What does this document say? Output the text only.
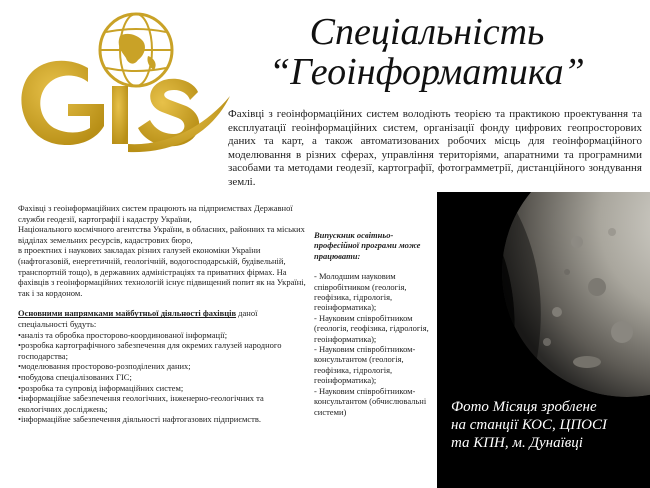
Спеціальність
“Геоінформатика”
Фахівці з геоінформаційних систем володіють теорією та практикою проектування та експлуатації геоінформаційних систем, організації фонду цифрових геопросторових даних та карт, а також автоматизованих робочих місць для геоінформаційного моделювання в різних сферах, управління територіями, апаратними та програмними засобами та методами геодезії, картографії, фотограмметрії, дистанційного зондування землі.

Фахівці з геоінформаційних систем працюють на підприємствах Державної служби геодезії, картографії і кадастру України,

Національного космічного агентства України, в обласних, районних та міських відділах земельних ресурсів, кадастрових бюро,

в проектних і наукових закладах різних галузей економіки України (нафтогазовій, енергетичній, геологічній, водогосподарській, будівельній, транспортній тощо), в державних адміністраціях та приватних фірмах. На фахівців з геоінформаційних технологій існує підвищений попит як на Україні, так і за кордоном.

Основними напрямками майбутньої діяльності фахівців даної спеціальності будуть:

•аналіз та обробка просторово-координованої інформації;
•розробка картографічного забезпечення для окремих галузей народного господарства;
•моделювання просторово-розподілених даних;
•побудова спеціалізованих ГІС;
•розробка та супровід інформаційних систем;
•інформаційне забезпечення геологічних, інженерно-геологічних та екологічних досліджень;
•інформаційне забезпечення діяльності нафтогазових підприємств.
Випускник освітньо-професійної програми може працювати:
- Молодшим науковим співробітником (геологія, геофізика, гідрологія, геоінформатика);
- Науковим співробітником (геологія, геофізика, гідрологія, геоінформатика);
- Науковим співробітником-консультантом (геологія, геофізика, гідрологія, геоінформатика);
- Науковим співробітником-консультантом (обчислювальні системи)	Фото Місяця зроблене
на станції КОС, ЦПОСІ
та КПН, м. Дунаївці
